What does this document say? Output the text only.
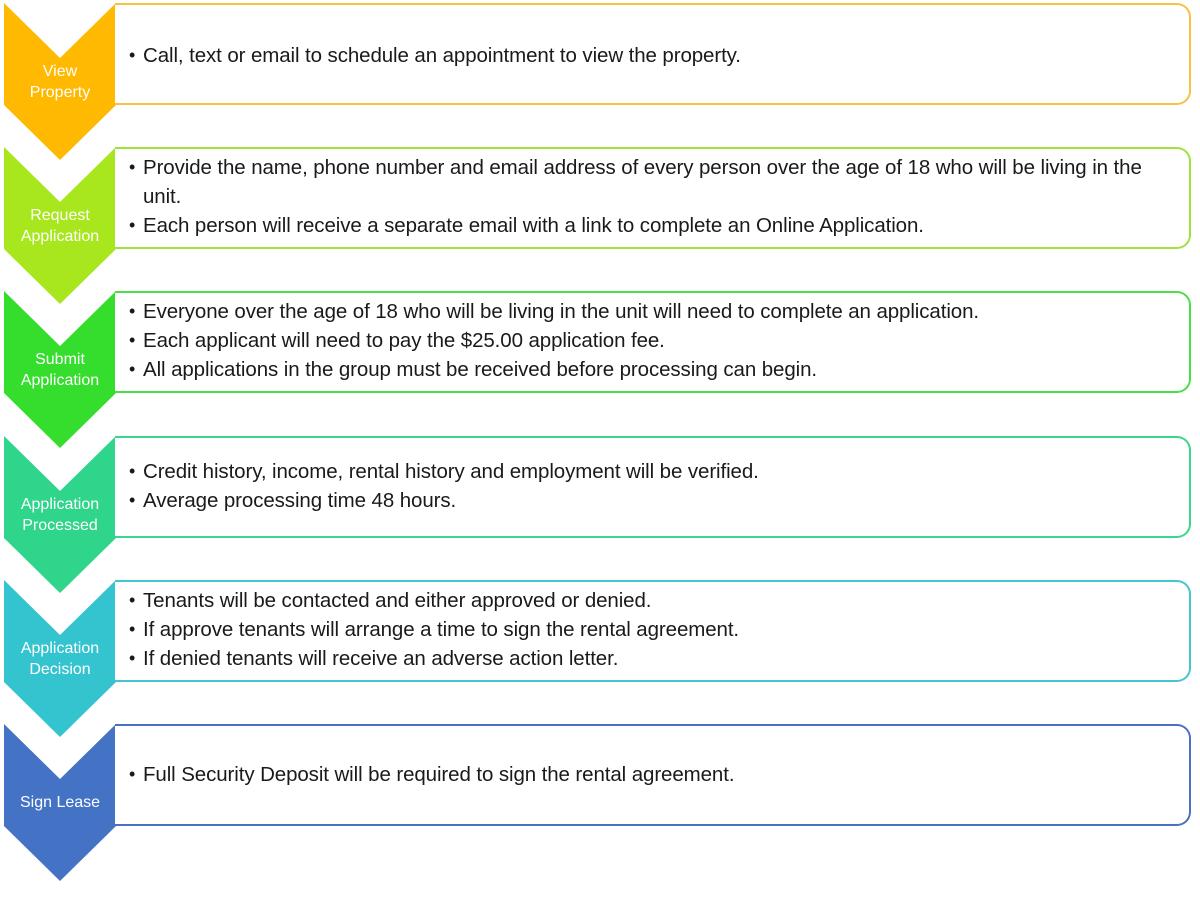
View
Property
• Call, text or email to schedule an appointment to view the property.
Request
Application
• Provide the name, phone number and email address of every person over the age of 18 who will be living in the unit.
• Each person will receive a separate email with a link to complete an Online Application.
Submit
Application
• Everyone over the age of 18 who will be living in the unit will need to complete an application.
• Each applicant will need to pay the $25.00 application fee.
• All applications in the group must be received before processing can begin.
Application
Processed
• Credit history, income, rental history and employment will be verified.
• Average processing time 48 hours.
Application
Decision
• Tenants will be contacted and either approved or denied.
• If approve tenants will arrange a time to sign the rental agreement.
• If denied tenants will receive an adverse action letter.
Sign Lease
• Full Security Deposit will be required to sign the rental agreement.
